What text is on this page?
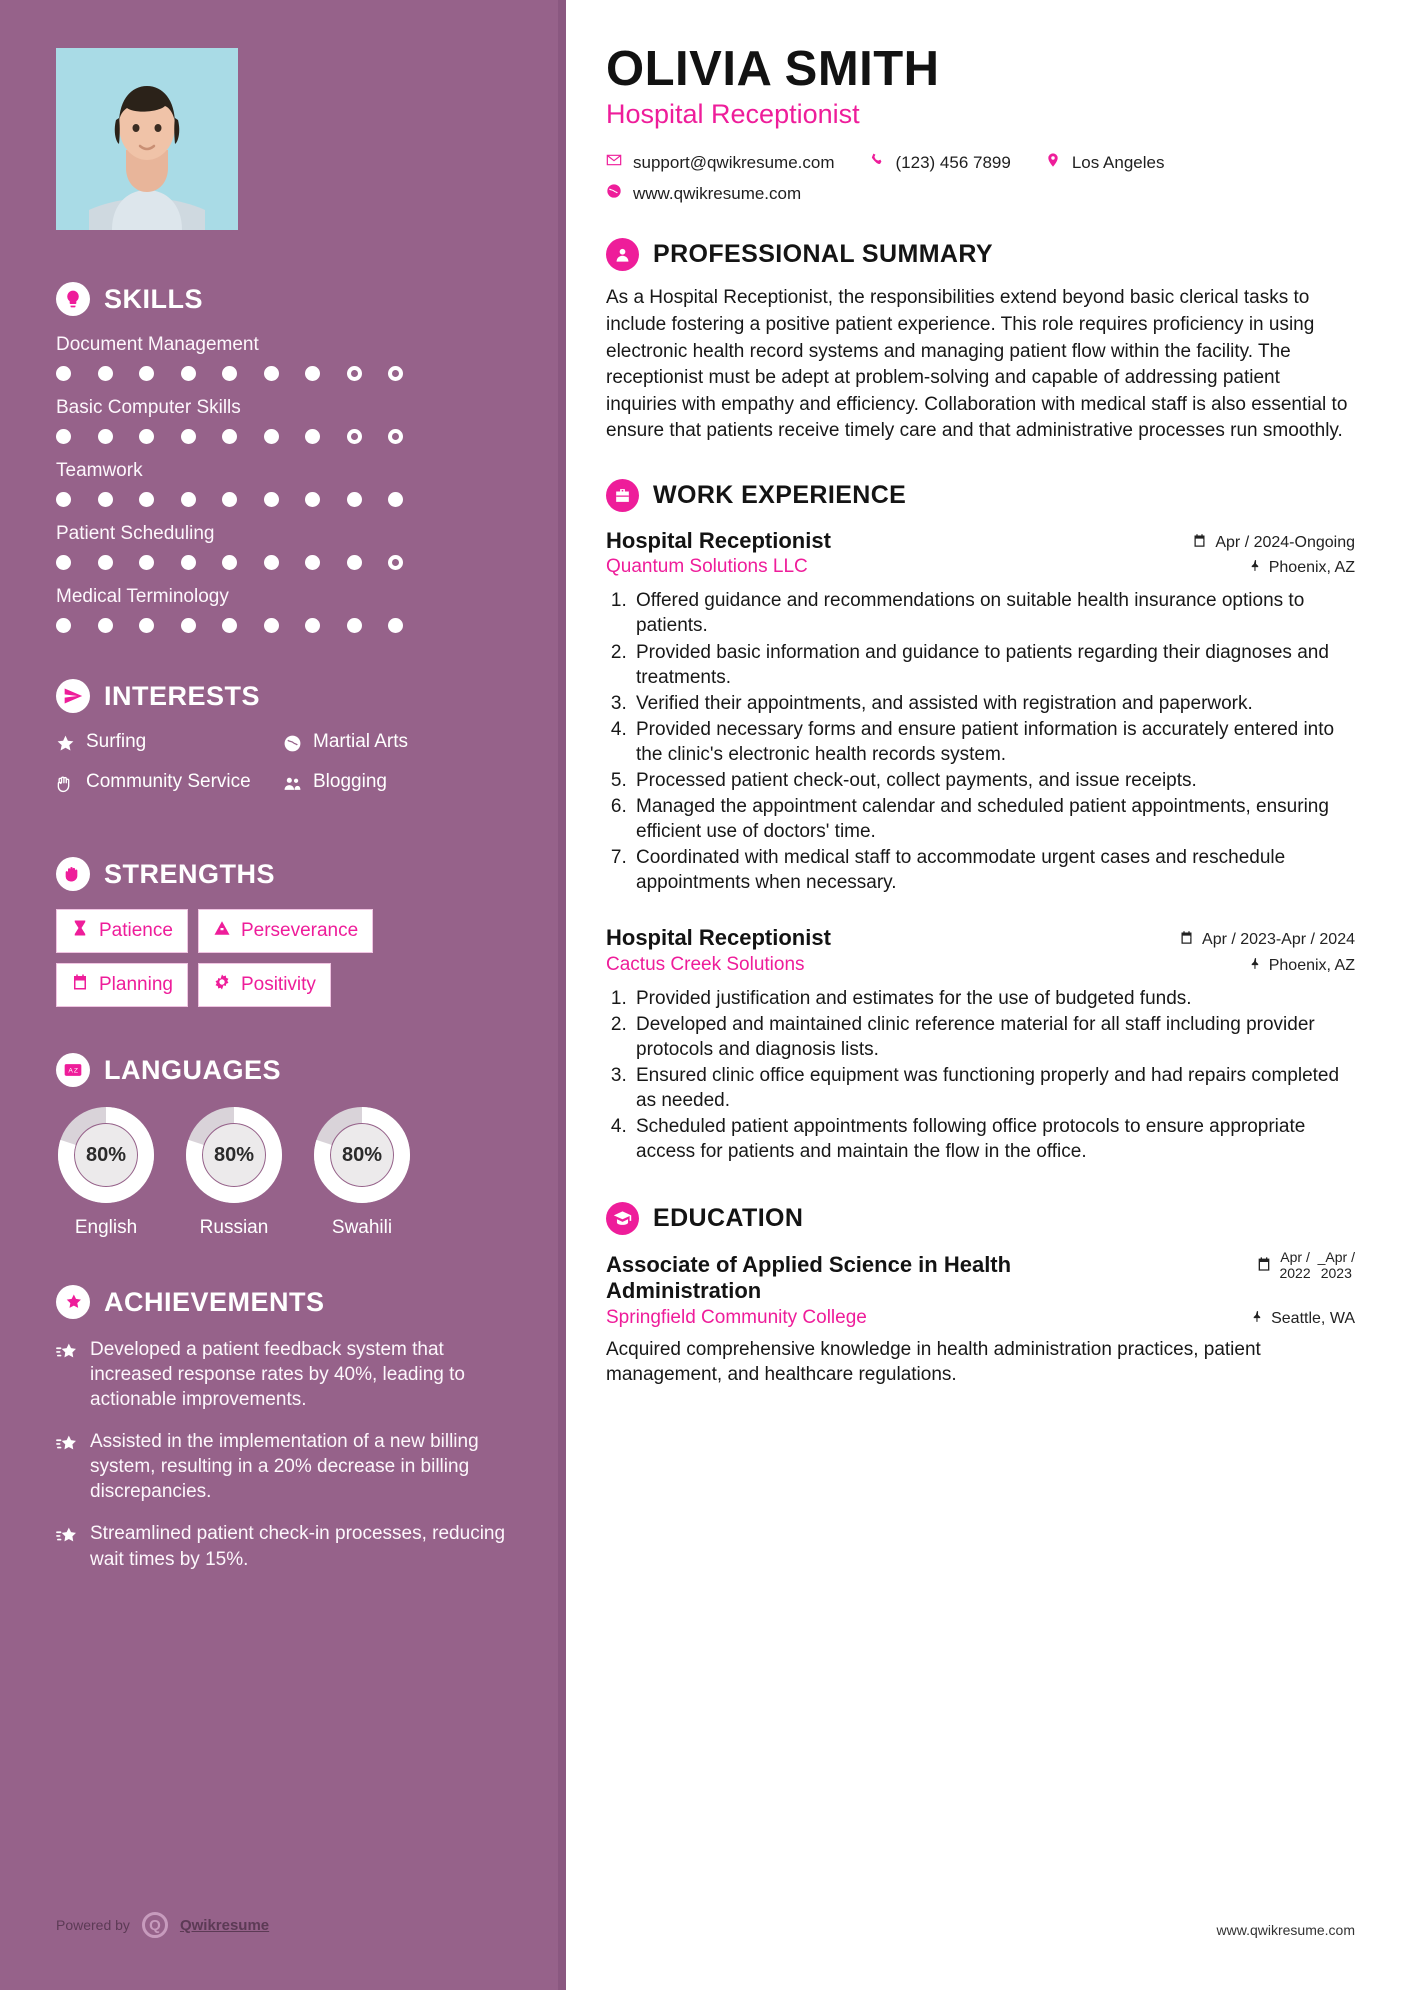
SKILLS
Document Management
Basic Computer Skills
Teamwork
Patient Scheduling
Medical Terminology
INTERESTS
Surfing	Martial Arts
Community Service	Blogging
STRENGTHS
Patience	Perseverance
Planning	Positivity
A Z LANGUAGES
80%
English
80%
Russian
80%
Swahili
ACHIEVEMENTS
Developed a patient feedback system that increased response rates by 40%, leading to actionable improvements.
Assisted in the implementation of a new billing system, resulting in a 20% decrease in billing discrepancies.
Streamlined patient check-in processes, reducing wait times by 15%.
Powered by	Q	Qwikresume
OLIVIA SMITH
Hospital Receptionist
support@qwikresume.com	(123) 456 7899	Los Angeles
www.qwikresume.com
PROFESSIONAL SUMMARY

As a Hospital Receptionist, the responsibilities extend beyond basic clerical tasks to include fostering a positive patient experience. This role requires proficiency in using electronic health record systems and managing patient flow within the facility. The receptionist must be adept at problem-solving and capable of addressing patient inquiries with empathy and efficiency. Collaboration with medical staff is also essential to ensure that patients receive timely care and that administrative processes run smoothly.

WORK EXPERIENCE
Hospital Receptionist	Apr / 2024-Ongoing
Quantum Solutions LLC	Phoenix, AZ
1. Offered guidance and recommendations on suitable health insurance options to patients.
2. Provided basic information and guidance to patients regarding their diagnoses and treatments.
3. Verified their appointments, and assisted with registration and paperwork.
4. Provided necessary forms and ensure patient information is accurately entered into the clinic's electronic health records system.
5. Processed patient check-out, collect payments, and issue receipts.
6. Managed the appointment calendar and scheduled patient appointments, ensuring efficient use of doctors' time.
7. Coordinated with medical staff to accommodate urgent cases and reschedule appointments when necessary.
Hospital Receptionist	Apr / 2023-Apr / 2024
Cactus Creek Solutions	Phoenix, AZ
1. Provided justification and estimates for the use of budgeted funds.
2. Developed and maintained clinic reference material for all staff including provider protocols and diagnosis lists.
3. Ensured clinic office equipment was functioning properly and had repairs completed as needed.
4. Scheduled patient appointments following office protocols to ensure appropriate access for patients and maintain the flow in the office.
EDUCATION
Associate of Applied Science in Health Administration
Apr /
2022
_Apr /
2023
Springfield Community College	Seattle, WA

Acquired comprehensive knowledge in health administration practices, patient management, and healthcare regulations.

www.qwikresume.com
